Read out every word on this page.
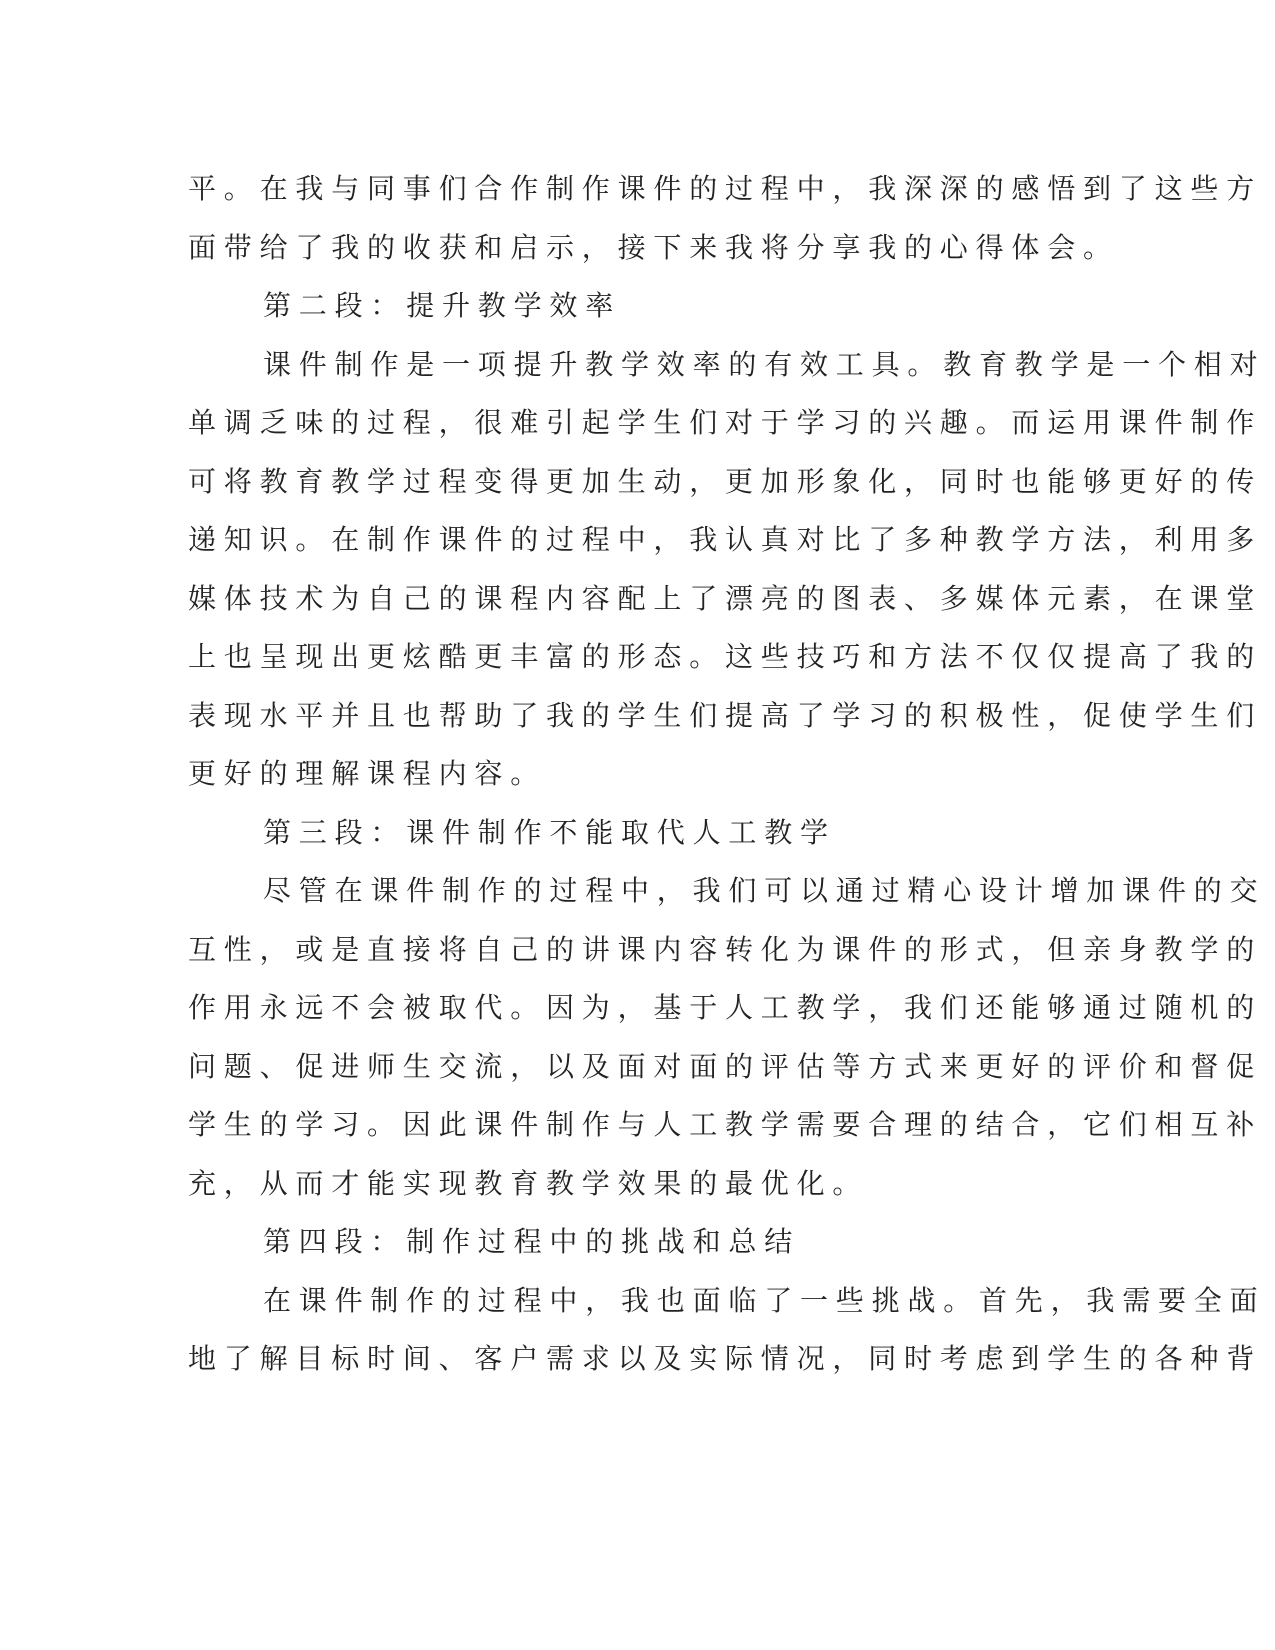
平。在我与同事们合作制作课件的过程中，我深深的感悟到了这些方
面带给了我的收获和启示，接下来我将分享我的心得体会。
第二段：提升教学效率
课件制作是一项提升教学效率的有效工具。教育教学是一个相对
单调乏味的过程，很难引起学生们对于学习的兴趣。而运用课件制作
可将教育教学过程变得更加生动，更加形象化，同时也能够更好的传
递知识。在制作课件的过程中，我认真对比了多种教学方法，利用多
媒体技术为自己的课程内容配上了漂亮的图表、多媒体元素，在课堂
上也呈现出更炫酷更丰富的形态。这些技巧和方法不仅仅提高了我的
表现水平并且也帮助了我的学生们提高了学习的积极性，促使学生们
更好的理解课程内容。
第三段：课件制作不能取代人工教学
尽管在课件制作的过程中，我们可以通过精心设计增加课件的交
互性，或是直接将自己的讲课内容转化为课件的形式，但亲身教学的
作用永远不会被取代。因为，基于人工教学，我们还能够通过随机的
问题、促进师生交流，以及面对面的评估等方式来更好的评价和督促
学生的学习。因此课件制作与人工教学需要合理的结合，它们相互补
充，从而才能实现教育教学效果的最优化。
第四段：制作过程中的挑战和总结
在课件制作的过程中，我也面临了一些挑战。首先，我需要全面
地了解目标时间、客户需求以及实际情况，同时考虑到学生的各种背
